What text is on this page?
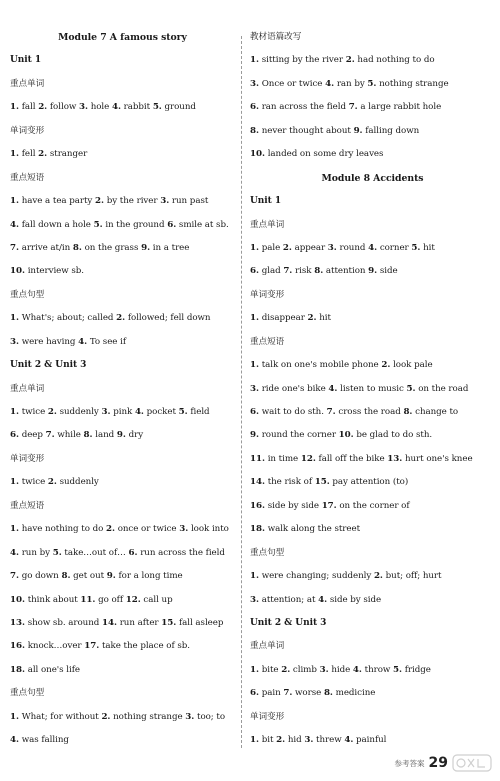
Module 7 A famous story
Unit 1
重点单词
1. fall 2. follow 3. hole 4. rabbit 5. ground
单词变形
1. fell 2. stranger
重点短语
1. have a tea party 2. by the river 3. run past
4. fall down a hole 5. in the ground 6. smile at sb.
7. arrive at/in 8. on the grass 9. in a tree
10. interview sb.
重点句型
1. What's; about; called 2. followed; fell down
3. were having 4. To see if
Unit 2 & Unit 3
重点单词
1. twice 2. suddenly 3. pink 4. pocket 5. field
6. deep 7. while 8. land 9. dry
单词变形
1. twice 2. suddenly
重点短语
1. have nothing to do 2. once or twice 3. look into
4. run by 5. take…out of… 6. run across the field
7. go down 8. get out 9. for a long time
10. think about 11. go off 12. call up
13. show sb. around 14. run after 15. fall asleep
16. knock…over 17. take the place of sb.
18. all one's life
重点句型
1. What; for without 2. nothing strange 3. too; to
4. was falling
教材语篇改写
1. sitting by the river 2. had nothing to do
3. Once or twice 4. ran by 5. nothing strange
6. ran across the field 7. a large rabbit hole
8. never thought about 9. falling down
10. landed on some dry leaves
Module 8 Accidents
Unit 1
重点单词
1. pale 2. appear 3. round 4. corner 5. hit
6. glad 7. risk 8. attention 9. side
单词变形
1. disappear 2. hit
重点短语
1. talk on one's mobile phone 2. look pale
3. ride one's bike 4. listen to music 5. on the road
6. wait to do sth. 7. cross the road 8. change to
9. round the corner 10. be glad to do sth.
11. in time 12. fall off the bike 13. hurt one's knee
14. the risk of 15. pay attention (to)
16. side by side 17. on the corner of
18. walk along the street
重点句型
1. were changing; suddenly 2. but; off; hurt
3. attention; at 4. side by side
Unit 2 & Unit 3
重点单词
1. bite 2. climb 3. hide 4. throw 5. fridge
6. pain 7. worse 8. medicine
单词变形
1. bit 2. hid 3. threw 4. painful
参考答案 29
